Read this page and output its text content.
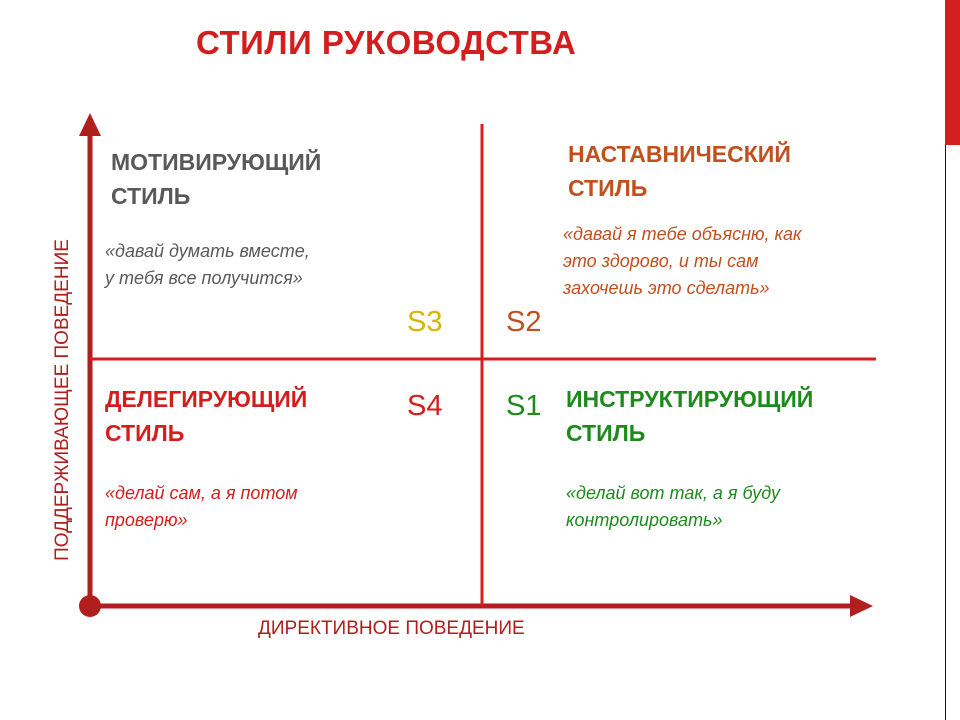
СТИЛИ РУКОВОДСТВА
ПОДДЕРЖИВАЮЩЕЕ ПОВЕДЕНИЕ
ДИРЕКТИВНОЕ ПОВЕДЕНИЕ
МОТИВИРУЮЩИЙ
СТИЛЬ
«давай думать вместе,
у тебя все получится»
S3
НАСТАВНИЧЕСКИЙ
СТИЛЬ
«давай я тебе объясню, как
это здорово, и ты сам
захочешь это сделать»
S2
ДЕЛЕГИРУЮЩИЙ
СТИЛЬ
«делай сам, а я потом
проверю»
S4	ИНСТРУКТИРУЮЩИЙ
СТИЛЬ
«делай вот так, а я буду
контролировать»
S1
